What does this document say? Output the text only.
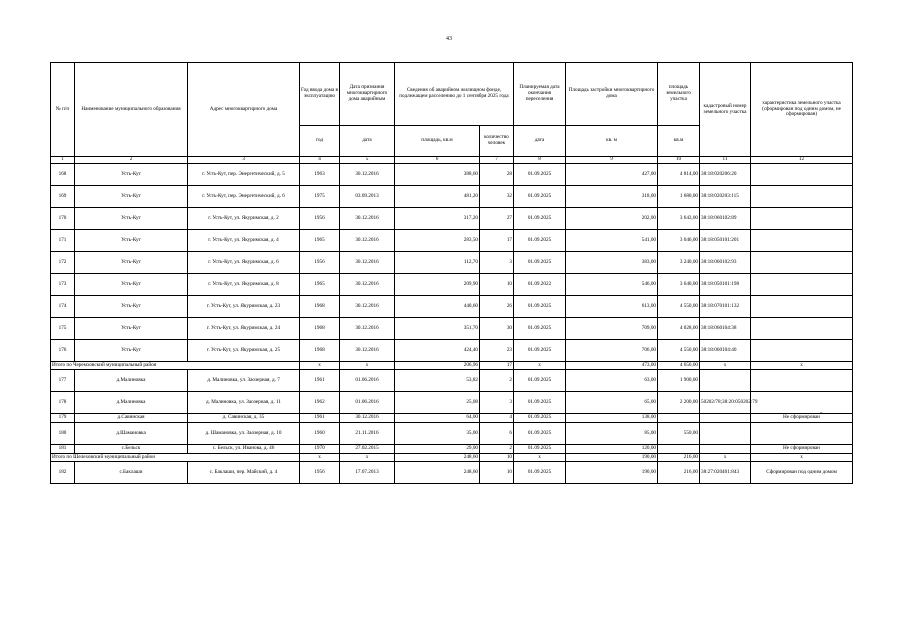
43
№ п/п	Наименование муниципального образования	Адрес многоквартирного дома	Год ввода дома в эксплуатацию	Дата признания многоквартирного дома аварийным	Сведения об аварийном жилищном фонде, подлежащем расселению до 1 сентября 2025 года		Планируемая дата окончания переселения	Площадь застройки многоквартирного дома	площадь земельного участка	кадастровый номер земельного участка	характеристика земельного участка (сформирован под одним домом, не сформирован)
			год	дата	площадь, кв.м	количество человек	дата	кв. м	кв.м		
1	2	3	4	5	6	7	8	9	10	11	12
168	Усть-Кут	г. Усть-Кут, пер. Энергетический, д. 5	1963	30.12.2016	388,60	28	01.09.2025	427,00	4 814,00	38:18:020206:20	
169	Усть-Кут	г. Усть-Кут, пер. Энергетический, д. 6	1975	03.09.2013	481,20	32	01.09.2025	318,00	1 680,00	38:18:020203:115	
170	Усть-Кут	г. Усть-Кут, ул. Якуримская, д. 2	1956	30.12.2016	317,20	27	01.09.2025	202,00	3 643,00	38:18:060102:89	
171	Усть-Кут	г. Усть-Кут, ул. Якуримская, д. 4	1965	30.12.2016	283,50	17	01.09.2025	541,00	3 046,00	38:18:050101:201	
172	Усть-Кут	г. Усть-Кут, ул. Якуримская, д. 6	1956	30.12.2016	112,70	3	01.09.2025	383,00	3 240,00	38:18:060102:93	
173	Усть-Кут	г. Усть-Кут, ул. Якуримская, д. 8	1965	30.12.2016	209,90	10	01.09.2022	546,00	3 640,00	38:18:050101:198	
174	Усть-Кут	г. Усть-Кут, ул. Якуримская, д. 23	1968	30.12.2016	440,60	26	01.09.2025	613,00	4 550,00	38:18:070101:132	
175	Усть-Кут	г. Усть-Кут, ул. Якуримская, д. 24	1968	30.12.2016	351,70	30	01.09.2025	709,00	4 028,00	38:18:060104:38	
176	Усть-Кут	г. Усть-Кут, ул. Якуримская, д. 25	1968	30.12.2016	424,40	23	01.09.2025	706,00	4 550,00	38:18:060104:40	
Итого по Черемховский муниципальный район			x	x	206,96	17	x	473,00	4 650,00	x	x
177	д.Малиновка	д. Малиновка, ул. Заозерная, д. 7	1961	01.06.2016	53,82	2	01.09.2025	63,00	1 900,00		
178	д.Малиновка	д. Малиновка, ул. Заозерная, д. 11	1962	01.06.2016	25,08	3	01.09.2025	65,00	2 200,00	50202/78;38:20:050202:79	
179	д.Савинская	д. Савинская, д. 35	1961	30.12.2016	64,00	4	01.09.2025	138,00			Не сформирован
180	д.Шамановка	д. Шамановка, ул. Заозерная, д. 10	1960	21.11.2016	35,00	6	01.09.2025	85,00	550,00		
181	с.Бельск	с. Бельск, ул. Иванова, д. 46	1970	27.02.2015	29,00	2	01.09.2025	120,00			Не сформирован
Итого по Шелеховский муниципальный район			x	x	248,60	10	x	190,00	216,00	x	x
182	с.Баклаши	с. Баклаши, пер. Майский, д. 4	1956	17.07.2013	248,60	10	01.09.2025	190,00	216,00	38:27:020401:843	Сформирован под одним домом
».
